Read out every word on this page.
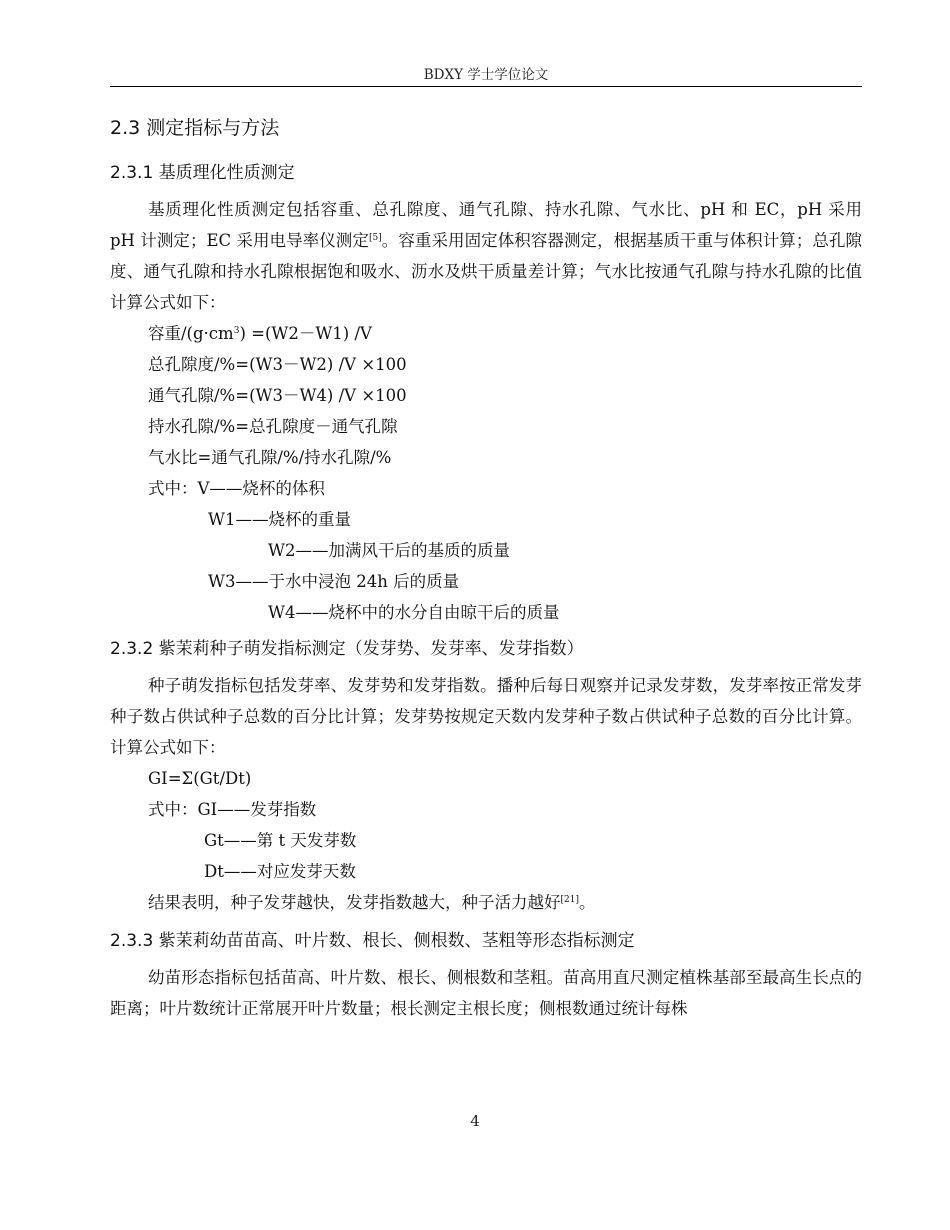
BDXY 学士学位论文
2.3 测定指标与方法
2.3.1 基质理化性质测定

基质理化性质测定包括容重、总孔隙度、通气孔隙、持水孔隙、气水比、pH 和 EC，pH 采用 pH 计测定；EC 采用电导率仪测定[5]。容重采用固定体积容器测定，根据基质干重与体积计算；总孔隙度、通气孔隙和持水孔隙根据饱和吸水、沥水及烘干质量差计算；气水比按通气孔隙与持水孔隙的比值计算公式如下：

容重$/(g\cdot cm^3) =(W2-W1)$ /V
总孔隙度/%=(W3－W2) /V ×100
通气孔隙/%=(W3－W4) /V ×100
持水孔隙/%=总孔隙度－通气孔隙
气水比=通气孔隙/%/持水孔隙/%
式中：V——烧杯的体积
W1——烧杯的重量
W2——加满风干后的基质的质量
W3——于水中浸泡 24h 后的质量
W4——烧杯中的水分自由晾干后的质量
2.3.2 紫茉莉种子萌发指标测定（发芽势、发芽率、发芽指数）

种子萌发指标包括发芽率、发芽势和发芽指数。播种后每日观察并记录发芽数，发芽率按正常发芽种子数占供试种子总数的百分比计算；发芽势按规定天数内发芽种子数占供试种子总数的百分比计算。计算公式如下：

GI=Σ(Gt/Dt)
式中：GI——发芽指数
Gt——第 t 天发芽数
Dt——对应发芽天数
结果表明，种子发芽越快，发芽指数越大，种子活力越好[21]。
2.3.3 紫茉莉幼苗苗高、叶片数、根长、侧根数、茎粗等形态指标测定

幼苗形态指标包括苗高、叶片数、根长、侧根数和茎粗。苗高用直尺测定植株基部至最高生长点的距离；叶片数统计正常展开叶片数量；根长测定主根长度；侧根数通过统计每株

4
